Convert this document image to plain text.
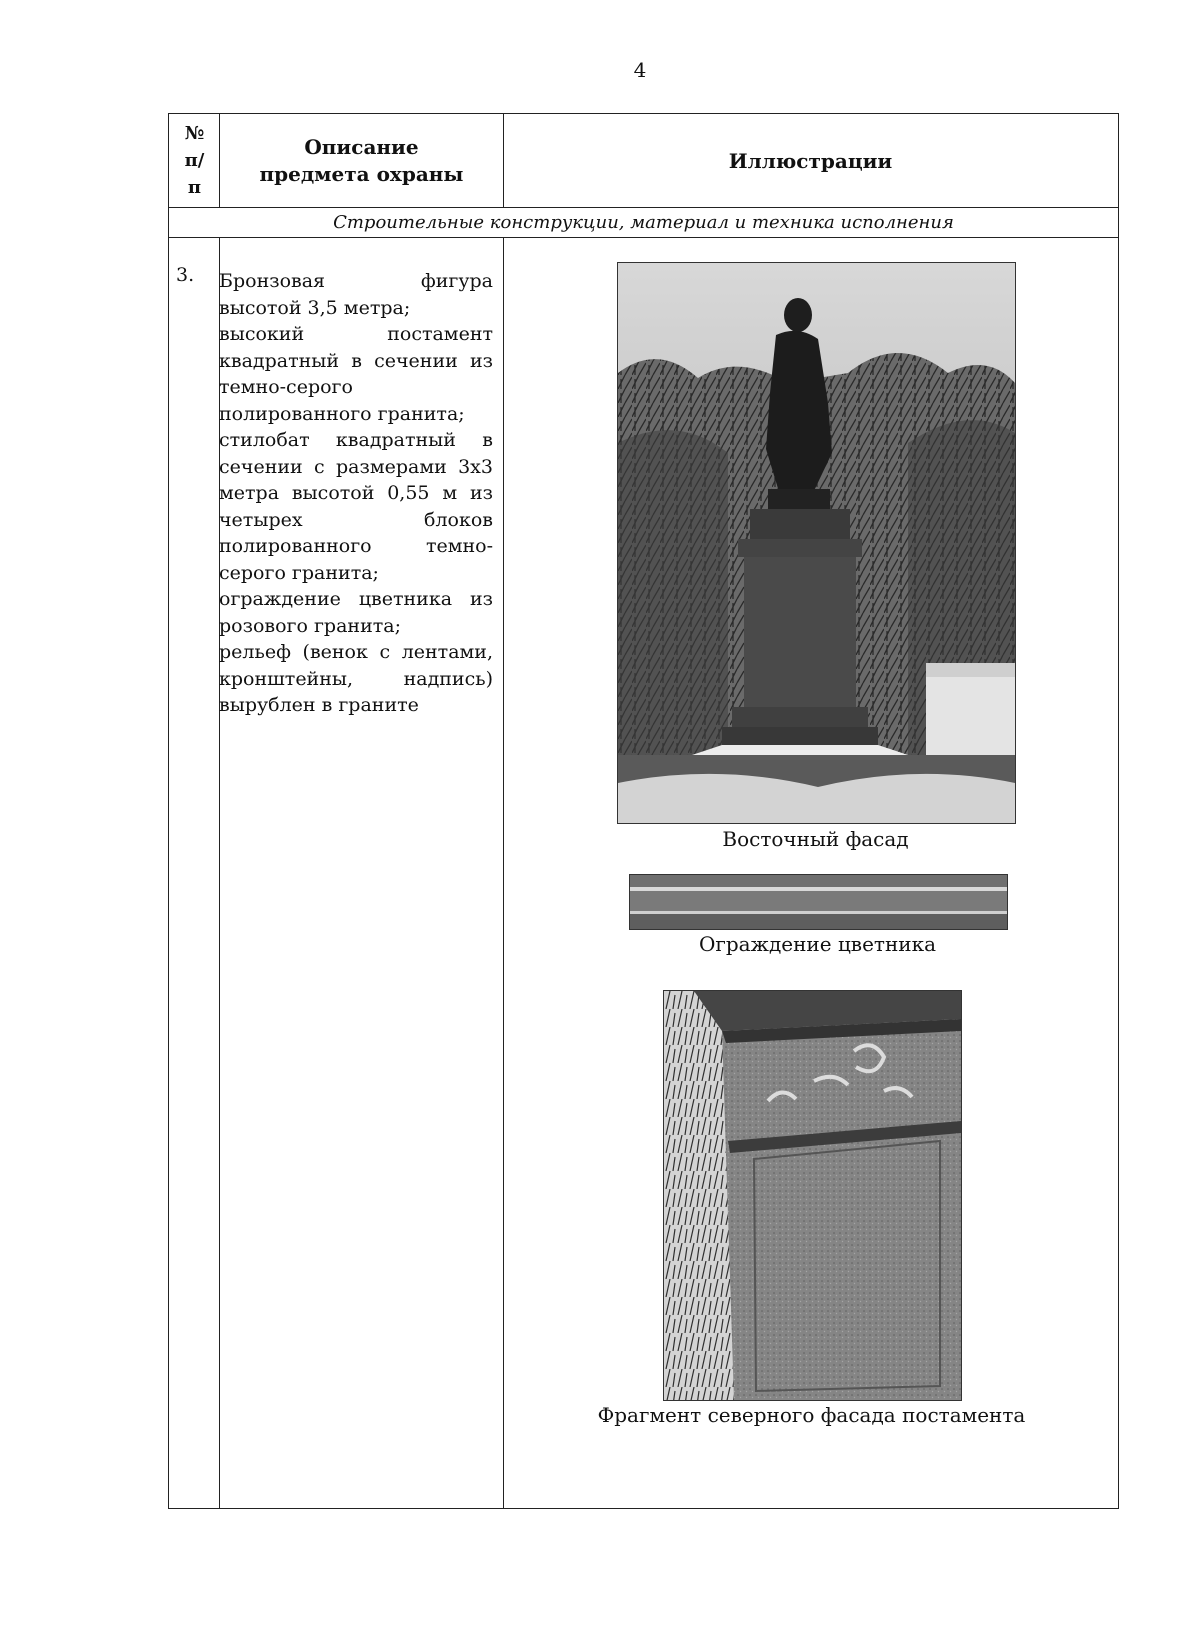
4
№
п/
п
Описание предмета охраны
Иллюстрации
Строительные конструкции, материал и техника исполнения
3. Бронзовая фигура
высотой 3,5 метра;
высокий постамент
квадратный в сечении из
темно-серого
полированного гранита;
стилобат квадратный в
сечении с размерами 3х3
метра высотой 0,55 м из
четырех блоков
полированного темно-
серого гранита;
ограждение цветника из
розового гранита;
рельеф (венок с лентами,
кронштейны, надпись)
вырублен в граните
Восточный фасад
Ограждение цветника
Фрагмент северного фасада постамента
